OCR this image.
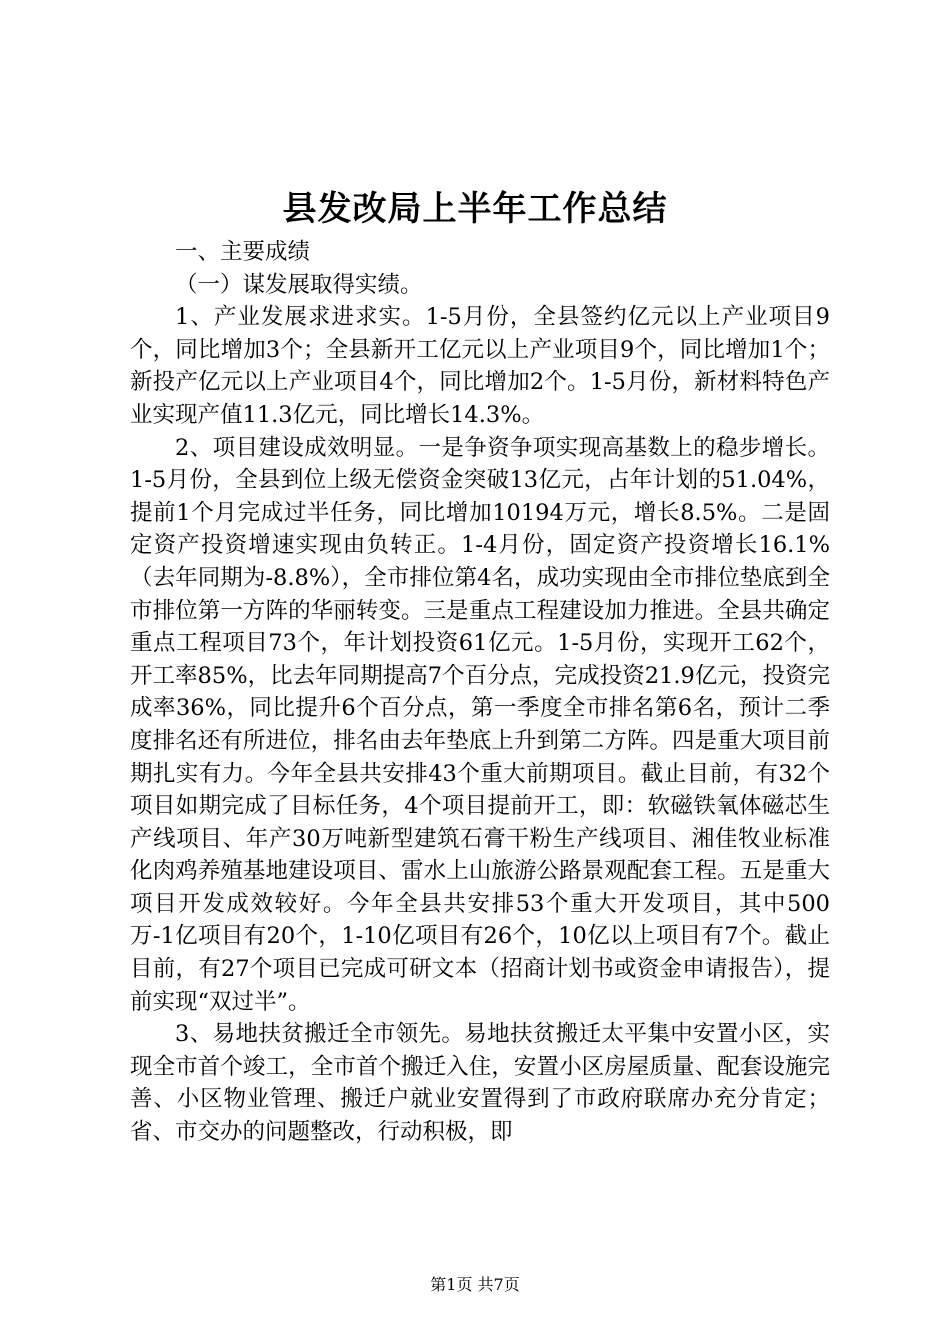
县发改局上半年工作总结

一、主要成绩

（一）谋发展取得实绩。

1、产业发展求进求实。1-5月份，全县签约亿元以上产业项目9个，同比增加3个；全县新开工亿元以上产业项目9个，同比增加1个；新投产亿元以上产业项目4个，同比增加2个。1-5月份，新材料特色产业实现产值11.3亿元，同比增长14.3%。

2、项目建设成效明显。一是争资争项实现高基数上的稳步增长。1-5月份，全县到位上级无偿资金突破13亿元，占年计划的51.04%，提前1个月完成过半任务，同比增加10194万元，增长8.5%。二是固定资产投资增速实现由负转正。1-4月份，固定资产投资增长16.1%（去年同期为-8.8%），全市排位第4名，成功实现由全市排位垫底到全市排位第一方阵的华丽转变。三是重点工程建设加力推进。全县共确定重点工程项目73个，年计划投资61亿元。1-5月份，实现开工62个，开工率85%，比去年同期提高7个百分点，完成投资21.9亿元，投资完成率36%，同比提升6个百分点，第一季度全市排名第6名，预计二季度排名还有所进位，排名由去年垫底上升到第二方阵。四是重大项目前期扎实有力。今年全县共安排43个重大前期项目。截止目前，有32个项目如期完成了目标任务，4个项目提前开工，即：软磁铁氧体磁芯生产线项目、年产30万吨新型建筑石膏干粉生产线项目、湘佳牧业标准化肉鸡养殖基地建设项目、雷水上山旅游公路景观配套工程。五是重大项目开发成效较好。今年全县共安排53个重大开发项目，其中500万-1亿项目有20个，1-10亿项目有26个，10亿以上项目有7个。截止目前，有27个项目已完成可研文本（招商计划书或资金申请报告），提前实现“双过半”。

3、易地扶贫搬迁全市领先。易地扶贫搬迁太平集中安置小区，实现全市首个竣工，全市首个搬迁入住，安置小区房屋质量、配套设施完善、小区物业管理、搬迁户就业安置得到了市政府联席办充分肯定；省、市交办的问题整改，行动积极，即

第1页 共7页
